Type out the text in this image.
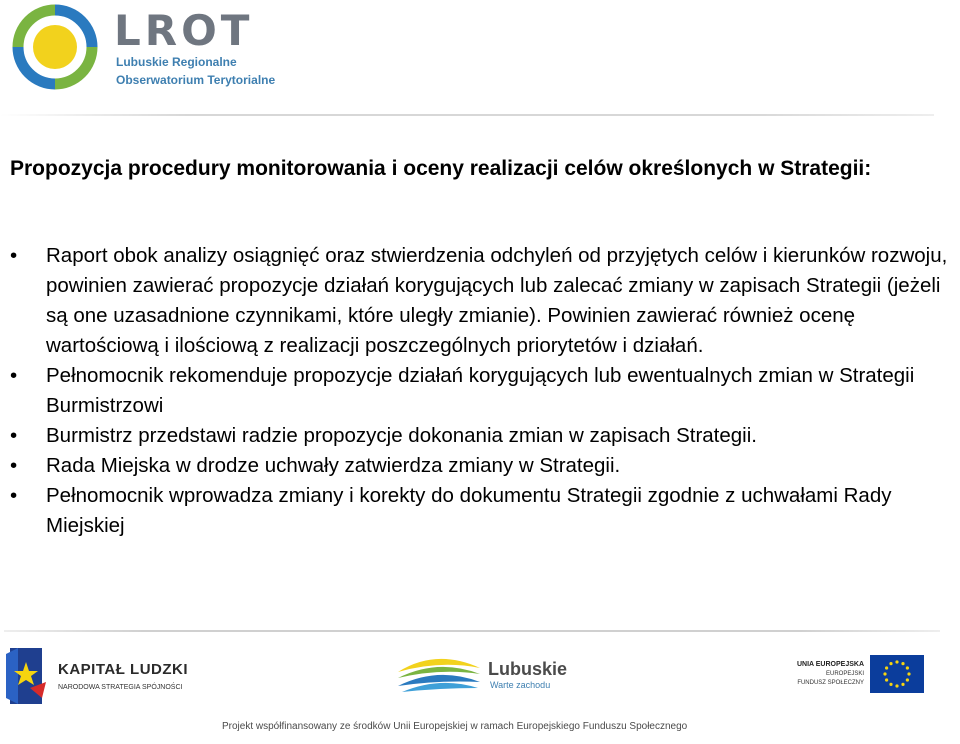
LROT
Lubuskie Regionalne
Obserwatorium Terytorialne
Propozycja procedury monitorowania i oceny realizacji celów określonych w Strategii:
•	Raport obok analizy osiągnięć oraz stwierdzenia odchyleń od przyjętych celów i kierunków rozwoju, powinien zawierać propozycje działań korygujących lub zalecać zmiany w zapisach Strategii (jeżeli są one uzasadnione czynnikami, które uległy zmianie). Powinien zawierać również ocenę wartościową i ilościową z realizacji poszczególnych priorytetów i działań.
•	Pełnomocnik rekomenduje propozycje działań korygujących lub ewentualnych zmian w Strategii Burmistrzowi
•	Burmistrz przedstawi radzie propozycje dokonania zmian w zapisach Strategii.
•	Rada Miejska w drodze uchwały zatwierdza zmiany w Strategii.
•	Pełnomocnik wprowadza zmiany i korekty do dokumentu Strategii zgodnie z uchwałami Rady Miejskiej
KAPITAŁ LUDZKI
NARODOWA STRATEGIA SPÓJNOŚCI
Lubuskie
Warte zachodu
UNIA EUROPEJSKA
EUROPEJSKI
FUNDUSZ SPOŁECZNY
Projekt współfinansowany ze środków Unii Europejskiej w ramach Europejskiego Funduszu Społecznego
